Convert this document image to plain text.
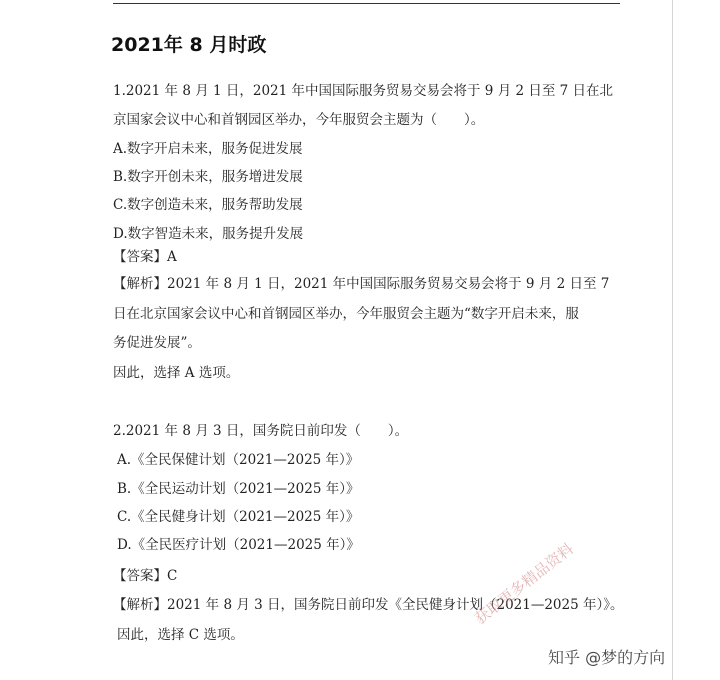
2021年 8 月时政
1.2021 年 8 月 1 日，2021 年中国国际服务贸易交易会将于 9 月 2 日至 7 日在北
京国家会议中心和首钢园区举办，今年服贸会主题为（　　）。
A.数字开启未来，服务促进发展
B.数字开创未来，服务增进发展
C.数字创造未来，服务帮助发展
D.数字智造未来，服务提升发展
【答案】A
【解析】2021 年 8 月 1 日，2021 年中国国际服务贸易交易会将于 9 月 2 日至 7
日在北京国家会议中心和首钢园区举办，今年服贸会主题为“数字开启未来，服
务促进发展”。
因此，选择 A 选项。
2.2021 年 8 月 3 日，国务院日前印发（　　）。
A.《全民保健计划（2021—2025 年）》
B.《全民运动计划（2021—2025 年）》
C.《全民健身计划（2021—2025 年）》
D.《全民医疗计划（2021—2025 年）》
【答案】C
【解析】2021 年 8 月 3 日，国务院日前印发《全民健身计划（2021—2025 年）》。
因此，选择 C 选项。
获取更多精品资料
知乎 @梦的方向
